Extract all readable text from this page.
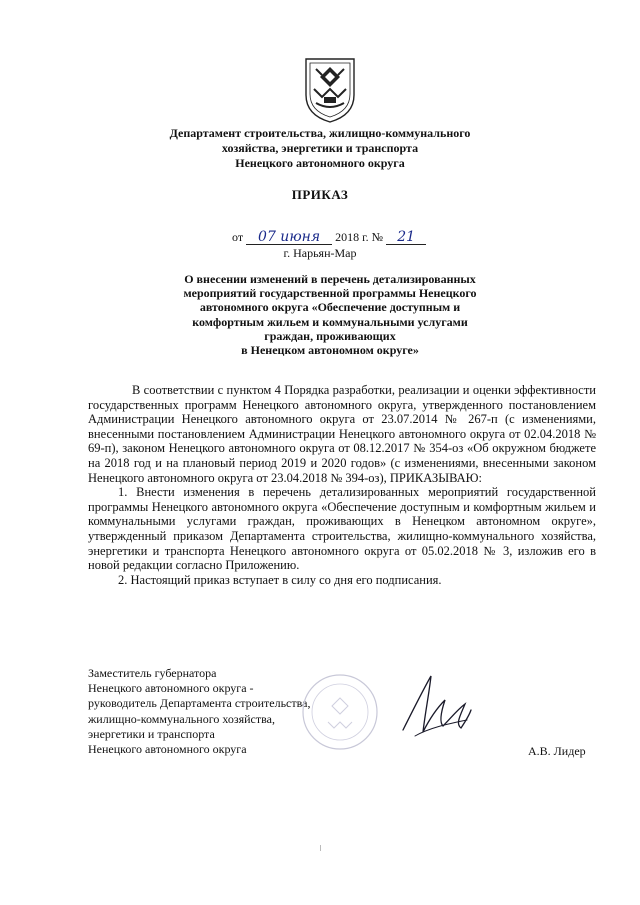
Департамент строительства, жилищно-коммунального
хозяйства, энергетики и транспорта
Ненецкого автономного округа
ПРИКАЗ
от 07 июня 2018 г. № 21
г. Нарьян-Мар
О внесении изменений в перечень детализированных
мероприятий государственной программы Ненецкого
автономного округа «Обеспечение доступным и
комфортным жильем и коммунальными услугами
граждан, проживающих
в Ненецком автономном округе»

В соответствии с пунктом 4 Порядка разработки, реализации и оценки эффективности государственных программ Ненецкого автономного округа, утвержденного постановлением Администрации Ненецкого автономного округа от 23.07.2014 № 267-п (с изменениями, внесенными постановлением Администрации Ненецкого автономного округа от 02.04.2018 № 69-п), законом Ненецкого автономного округа от 08.12.2017 № 354-оз «Об окружном бюджете на 2018 год и на плановый период 2019 и 2020 годов» (с изменениями, внесенными законом Ненецкого автономного округа от 23.04.2018 № 394-оз), ПРИКАЗЫВАЮ:

1. Внести изменения в перечень детализированных мероприятий государственной программы Ненецкого автономного округа «Обеспечение доступным и комфортным жильем и коммунальными услугами граждан, проживающих в Ненецком автономном округе», утвержденный приказом Департамента строительства, жилищно-коммунального хозяйства, энергетики и транспорта Ненецкого автономного округа от 05.02.2018 № 3, изложив его в новой редакции согласно Приложению.

2. Настоящий приказ вступает в силу со дня его подписания.

Заместитель губернатора
Ненецкого автономного округа -
руководитель Департамента строительства,
жилищно-коммунального хозяйства,
энергетики и транспорта
Ненецкого автономного округа	А.В. Лидер
